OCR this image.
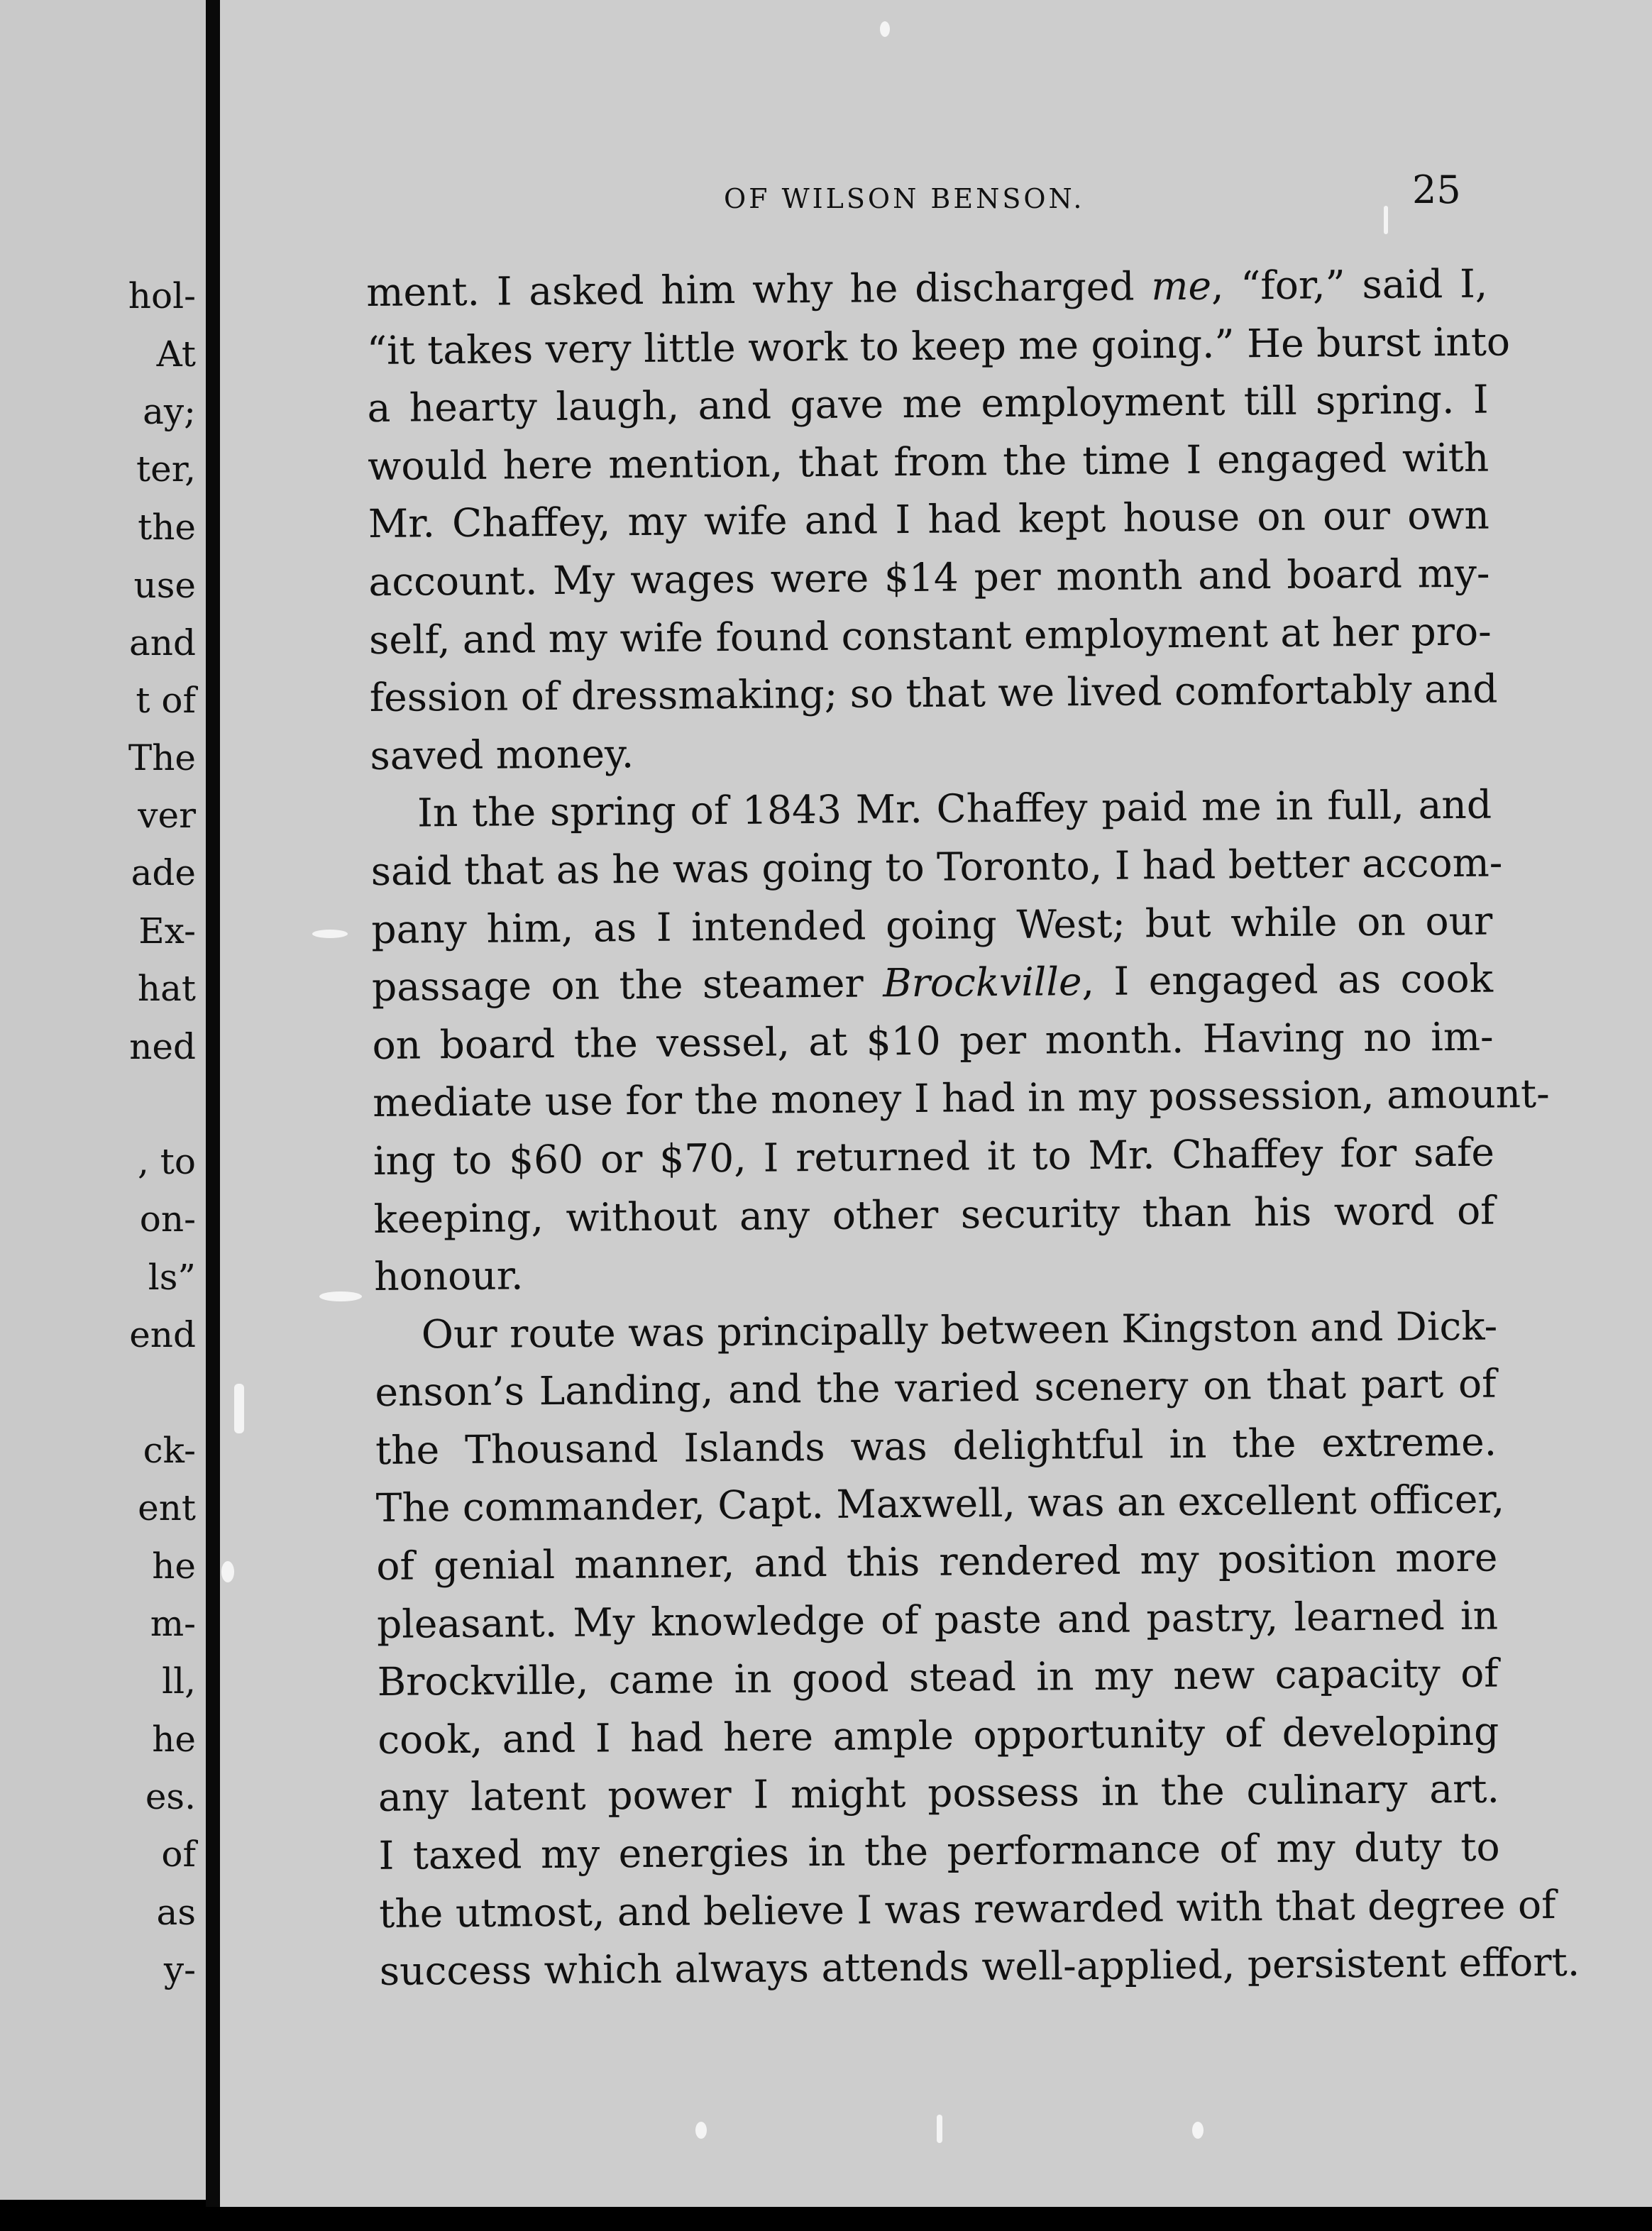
hol-
At
ay;
ter,
the
use
and
t of
The
ver
ade
Ex-
hat
ned
, to
on-
ls”
end
ck-
ent
he
m-
ll,
he
es.
of
as
y-
OF WILSON BENSON.	25
ment. I asked him why he discharged me, “for,” said I,
“it takes very little work to keep me going.” He burst into
a hearty laugh, and gave me employment till spring. I
would here mention, that from the time I engaged with
Mr. Chaffey, my wife and I had kept house on our own
account. My wages were $14 per month and board my-
self, and my wife found constant employment at her pro-
fession of dressmaking; so that we lived comfortably and
saved money.
In the spring of 1843 Mr. Chaffey paid me in full, and
said that as he was going to Toronto, I had better accom-
pany him, as I intended going West; but while on our
passage on the steamer Brockville, I engaged as cook
on board the vessel, at $10 per month. Having no im-
mediate use for the money I had in my possession, amount-
ing to $60 or $70, I returned it to Mr. Chaffey for safe
keeping, without any other security than his word of
honour.
Our route was principally between Kingston and Dick-
enson’s Landing, and the varied scenery on that part of
the Thousand Islands was delightful in the extreme.
The commander, Capt. Maxwell, was an excellent officer,
of genial manner, and this rendered my position more
pleasant. My knowledge of paste and pastry, learned in
Brockville, came in good stead in my new capacity of
cook, and I had here ample opportunity of developing
any latent power I might possess in the culinary art.
I taxed my energies in the performance of my duty to
the utmost, and believe I was rewarded with that degree of
success which always attends well-applied, persistent effort.
